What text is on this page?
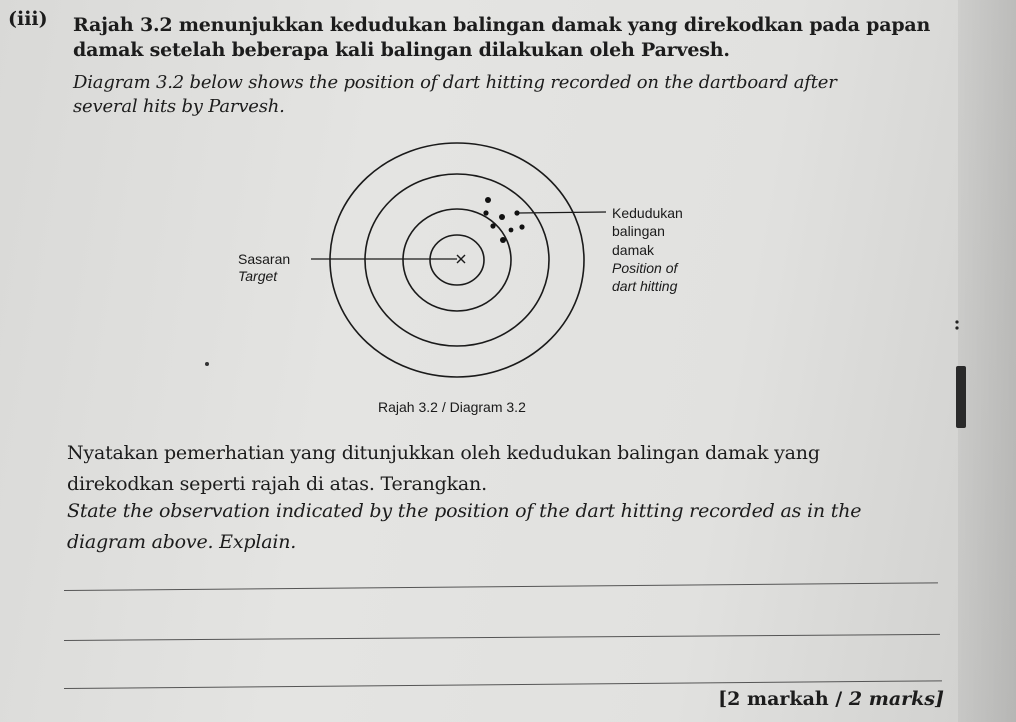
(iii) Rajah 3.2 menunjukkan kedudukan balingan damak yang direkodkan pada papan
damak setelah beberapa kali balingan dilakukan oleh Parvesh.
Diagram 3.2 below shows the position of dart hitting recorded on the dartboard after
several hits by Parvesh.
Sasaran
Target
Kedudukan
balingan
damak
Position of
dart hitting
Rajah 3.2 / Diagram 3.2
Nyatakan pemerhatian yang ditunjukkan oleh kedudukan balingan damak yang
direkodkan seperti rajah di atas. Terangkan.
State the observation indicated by the position of the dart hitting recorded as in the
diagram above. Explain.
[2 markah / 2 marks]
